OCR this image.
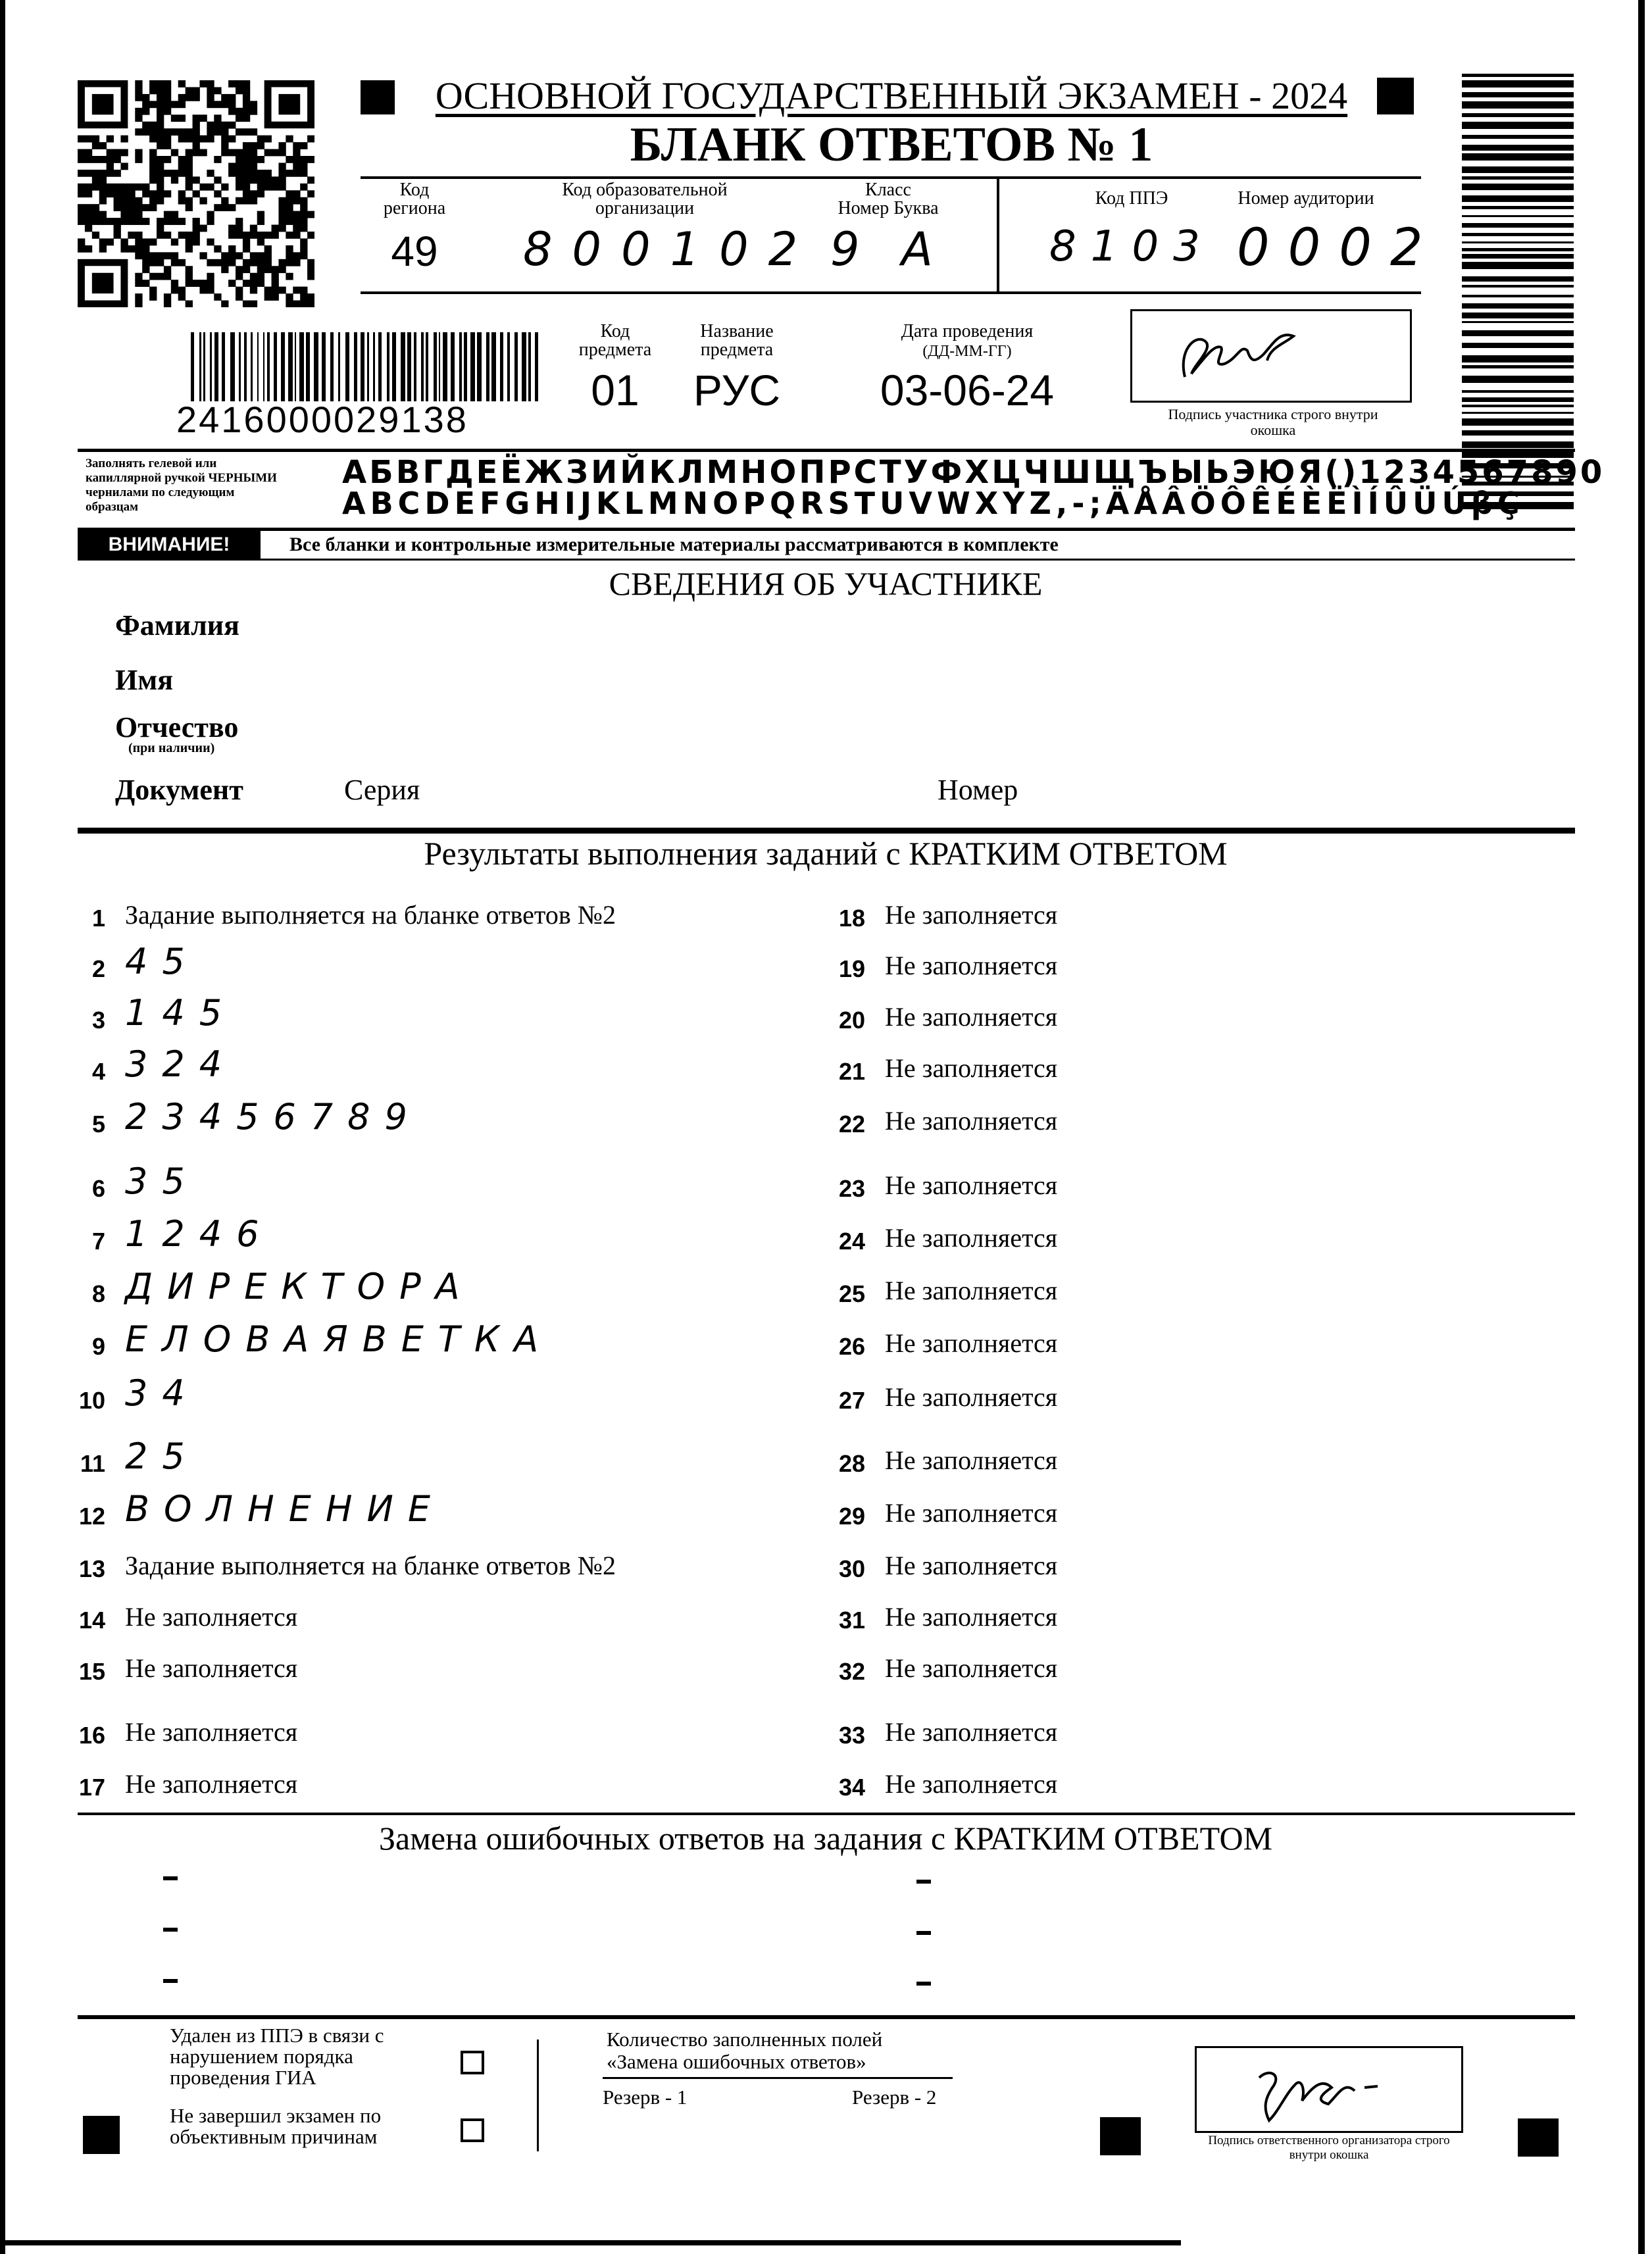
ОСНОВНОЙ ГОСУДАРСТВЕННЫЙ ЭКЗАМЕН - 2024
БЛАНК ОТВЕТОВ № 1
Код региона
49
Код образовательной организации
800102
Класс
Номер Буква
9 А
Код ППЭ
8103
Номер аудитории
0002
2416000029138
Код предмета
01
Название предмета
РУС
Дата проведения
(ДД-ММ-ГГ)
03-06-24	Подпись участника строго внутри окошка
Заполнять гелевой или капиллярной ручкой ЧЕРНЫМИ чернилами по следующим образцам
АБВГДЕЁЖЗИЙКЛМНОПРСТУФХЦЧШЩЪЫЬЭЮЯ()1234567890
ABCDEFGHIJKLMNOPQRSTUVWXYZ,-;ÄÅÂÖÔÊÉÈËÌÍÛÜÚβÇ
ВНИМАНИЕ!	Все бланки и контрольные измерительные материалы рассматриваются в комплекте
СВЕДЕНИЯ ОБ УЧАСТНИКЕ
Фамилия
Имя
Отчество
(при наличии)
Документ	Серия	Номер
Результаты выполнения заданий с КРАТКИМ ОТВЕТОМ
1 Задание выполняется на бланке ответов №2
2 45
3 145
4 324
5 23456789
6 35
7 1246
8 ДИРЕКТОРА
9 ЕЛОВАЯВЕТКА
10 34
11 25
12 ВОЛНЕНИЕ
13 Задание выполняется на бланке ответов №2
14 Не заполняется
15 Не заполняется
16 Не заполняется
17 Не заполняется
18 Не заполняется
19 Не заполняется
20 Не заполняется
21 Не заполняется
22 Не заполняется
23 Не заполняется
24 Не заполняется
25 Не заполняется
26 Не заполняется
27 Не заполняется
28 Не заполняется
29 Не заполняется
30 Не заполняется
31 Не заполняется
32 Не заполняется
33 Не заполняется
34 Не заполняется
Замена ошибочных ответов на задания с КРАТКИМ ОТВЕТОМ
Удален из ППЭ в связи с нарушением порядка проведения ГИА
Не завершил экзамен по объективным причинам
Количество заполненных полей «Замена ошибочных ответов»
Резерв - 1	Резерв - 2
Подпись ответственного организатора строго внутри окошка
